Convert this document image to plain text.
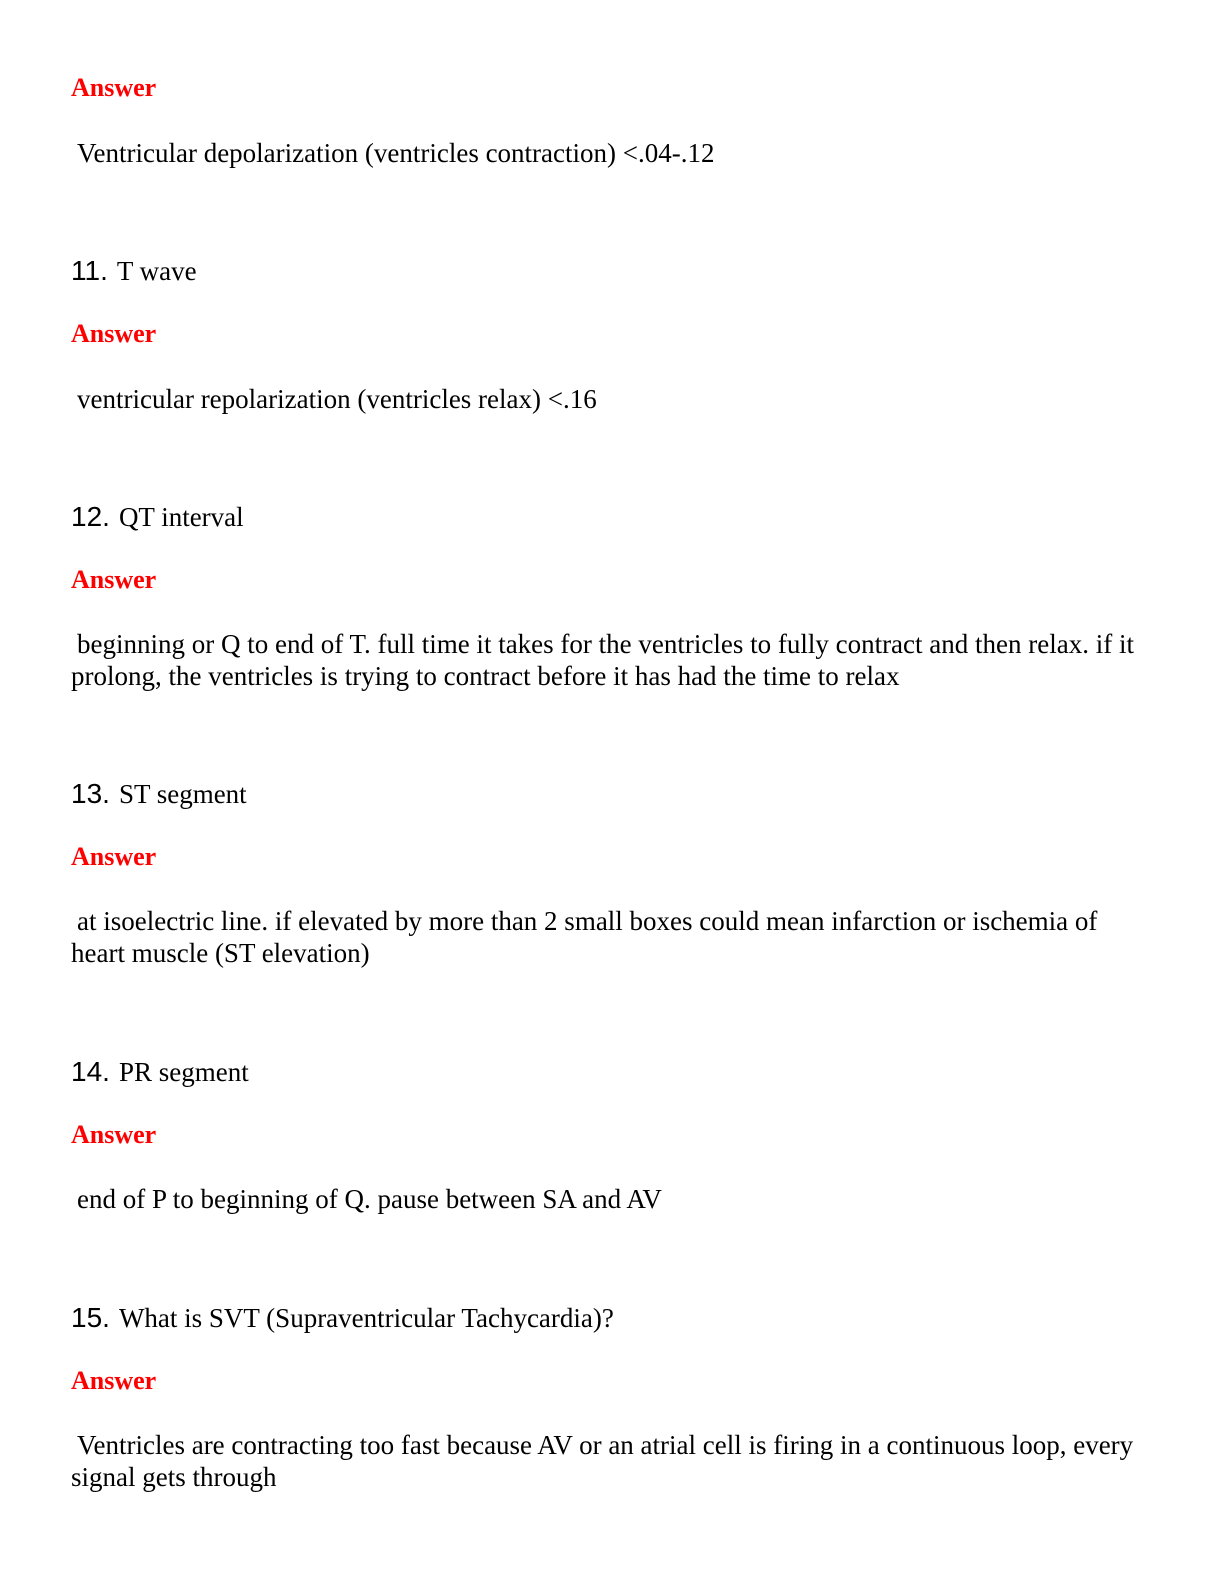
Answer
Ventricular depolarization (ventricles contraction) <.04-.12
11. T wave
Answer
ventricular repolarization (ventricles relax) <.16
12. QT interval
Answer
beginning or Q to end of T. full time it takes for the ventricles to fully contract and then relax. if it prolong, the ventricles is trying to contract before it has had the time to relax
13. ST segment
Answer
at isoelectric line. if elevated by more than 2 small boxes could mean infarction or ischemia of heart muscle (ST elevation)
14. PR segment
Answer
end of P to beginning of Q. pause between SA and AV
15. What is SVT (Supraventricular Tachycardia)?
Answer
Ventricles are contracting too fast because AV or an atrial cell is firing in a continuous loop, every signal gets through
